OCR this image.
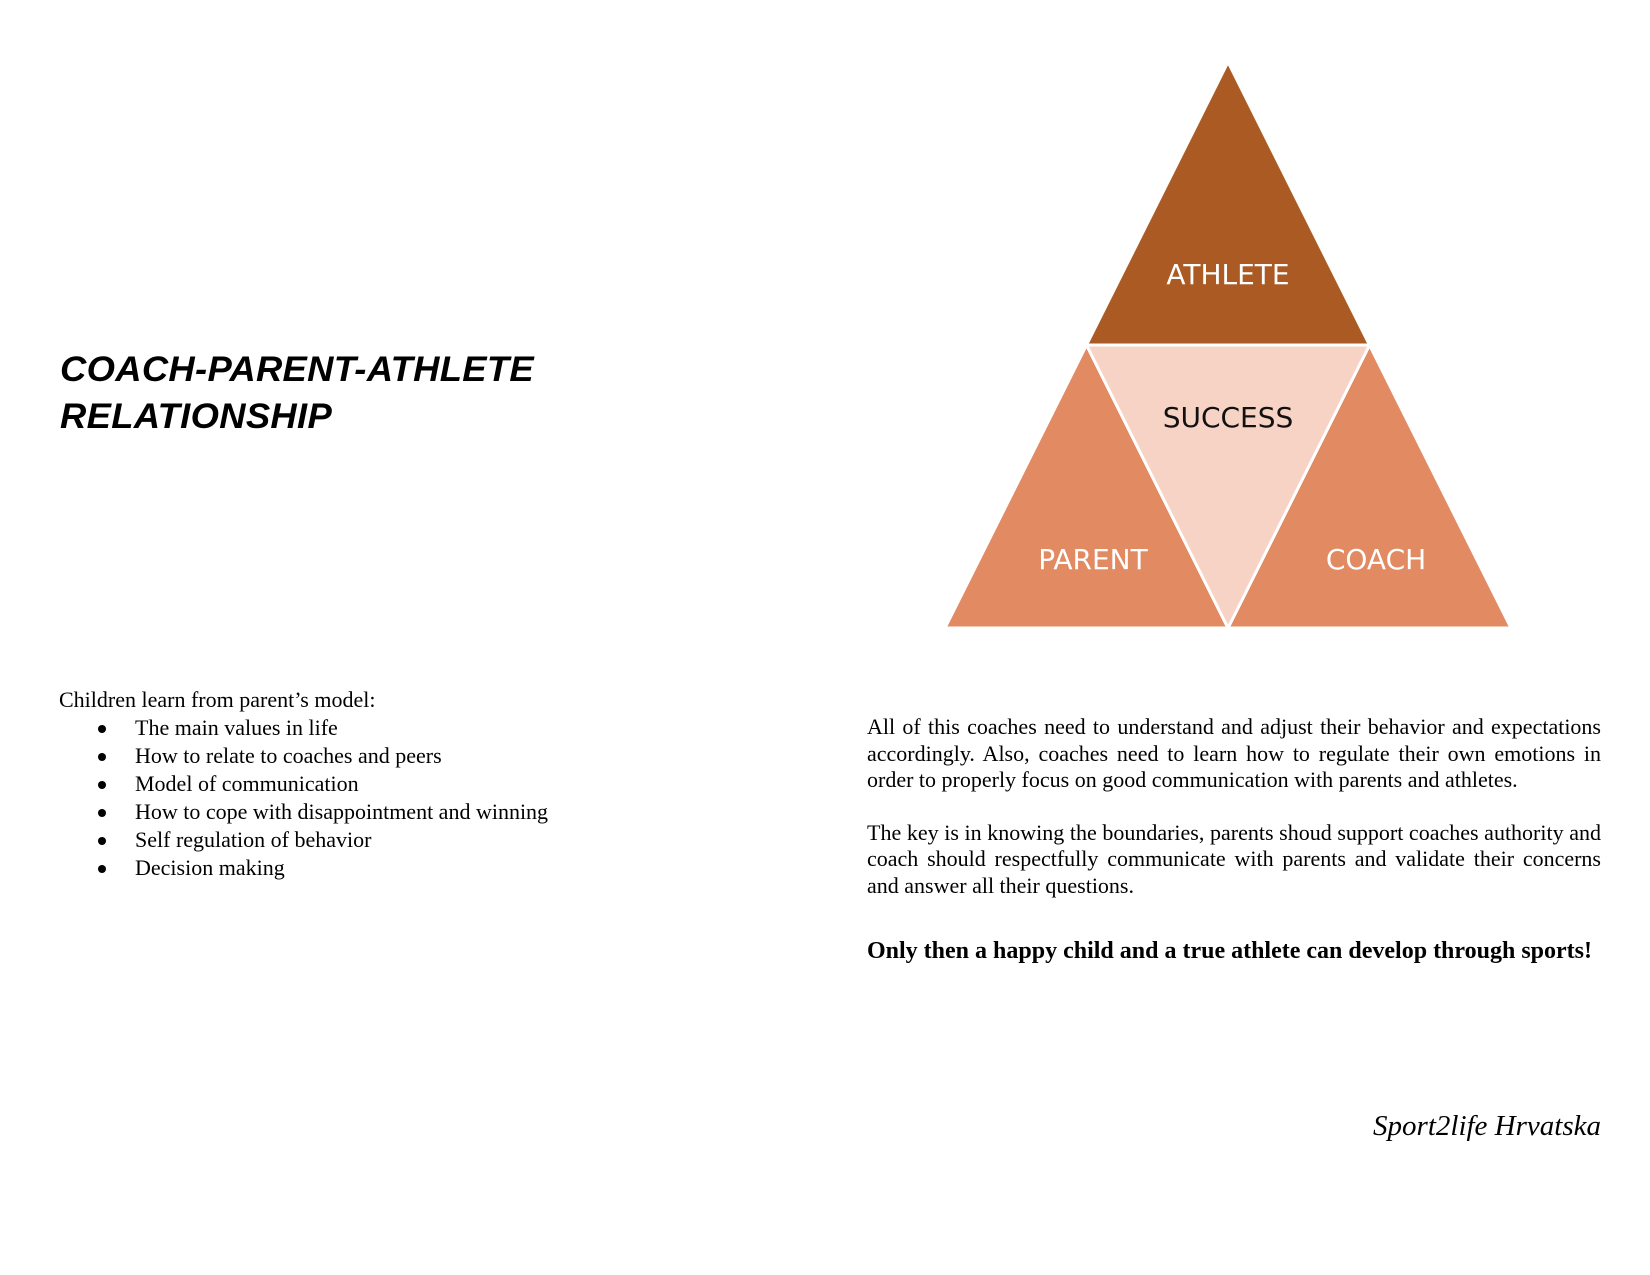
COACH-PARENT-ATHLETE
RELATIONSHIP

Children learn from parent’s model:

The main values in life
How to relate to coaches and peers
Model of communication
How to cope with disappointment and winning
Self regulation of behavior
Decision making
ATHLETE
SUCCESS
PARENT	COACH

All of this coaches need to understand and adjust their behavior and expectations accordingly. Also, coaches need to learn how to regulate their own emotions in order to properly focus on good communication with parents and athletes.

The key is in knowing the boundaries, parents shoud support coaches authority and coach should respectfully communicate with parents and validate their concerns and answer all their questions.

Only then a happy child and a true athlete can develop through sports!

Sport2life Hrvatska
